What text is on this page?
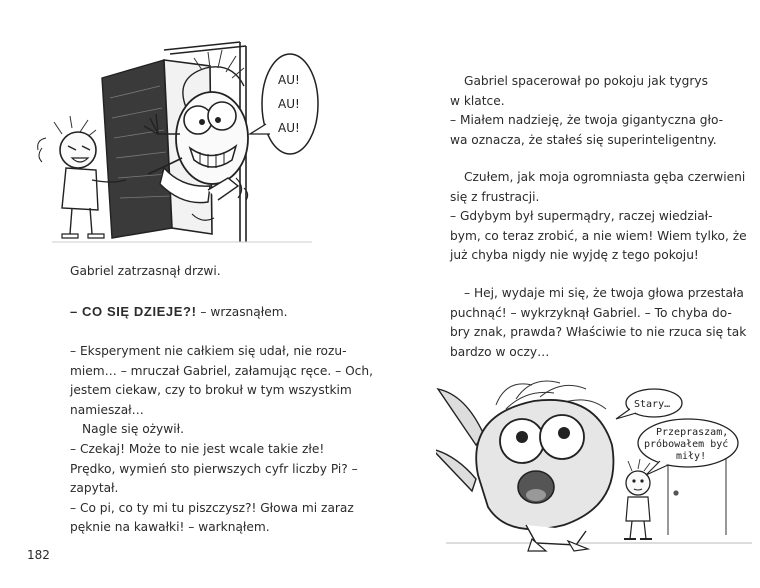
AU!
AU!
AU!

Gabriel zatrzasnął drzwi.

– CO SIĘ DZIEJE?! – wrzasnąłem.

– Eksperyment nie całkiem się udał, nie rozu-
miem… – mruczał Gabriel, załamując ręce. – Och,
jestem ciekaw, czy to brokuł w tym wszystkim
namieszał…
Nagle się ożywił.
– Czekaj! Może to nie jest wcale takie złe!
Prędko, wymień sto pierwszych cyfr liczby Pi? –
zapytał.
– Co pi, co ty mi tu piszczysz?! Głowa mi zaraz
pęknie na kawałki! – warknąłem.

182

Gabriel spacerował po pokoju jak tygrys
w klatce.
– Miałem nadzieję, że twoja gigantyczna gło-
wa oznacza, że stałeś się superinteligentny.

Czułem, jak moja ogromniasta gęba czerwieni
się z frustracji.
– Gdybym był supermądry, raczej wiedział-
bym, co teraz zrobić, a nie wiem! Wiem tylko, że
już chyba nigdy nie wyjdę z tego pokoju!

– Hej, wydaje mi się, że twoja głowa przestała
puchnąć! – wykrzyknął Gabriel. – To chyba do-
bry znak, prawda? Właściwie to nie rzuca się tak
bardzo w oczy…

Stary…
Przepraszam,
próbowałem być
miły!
